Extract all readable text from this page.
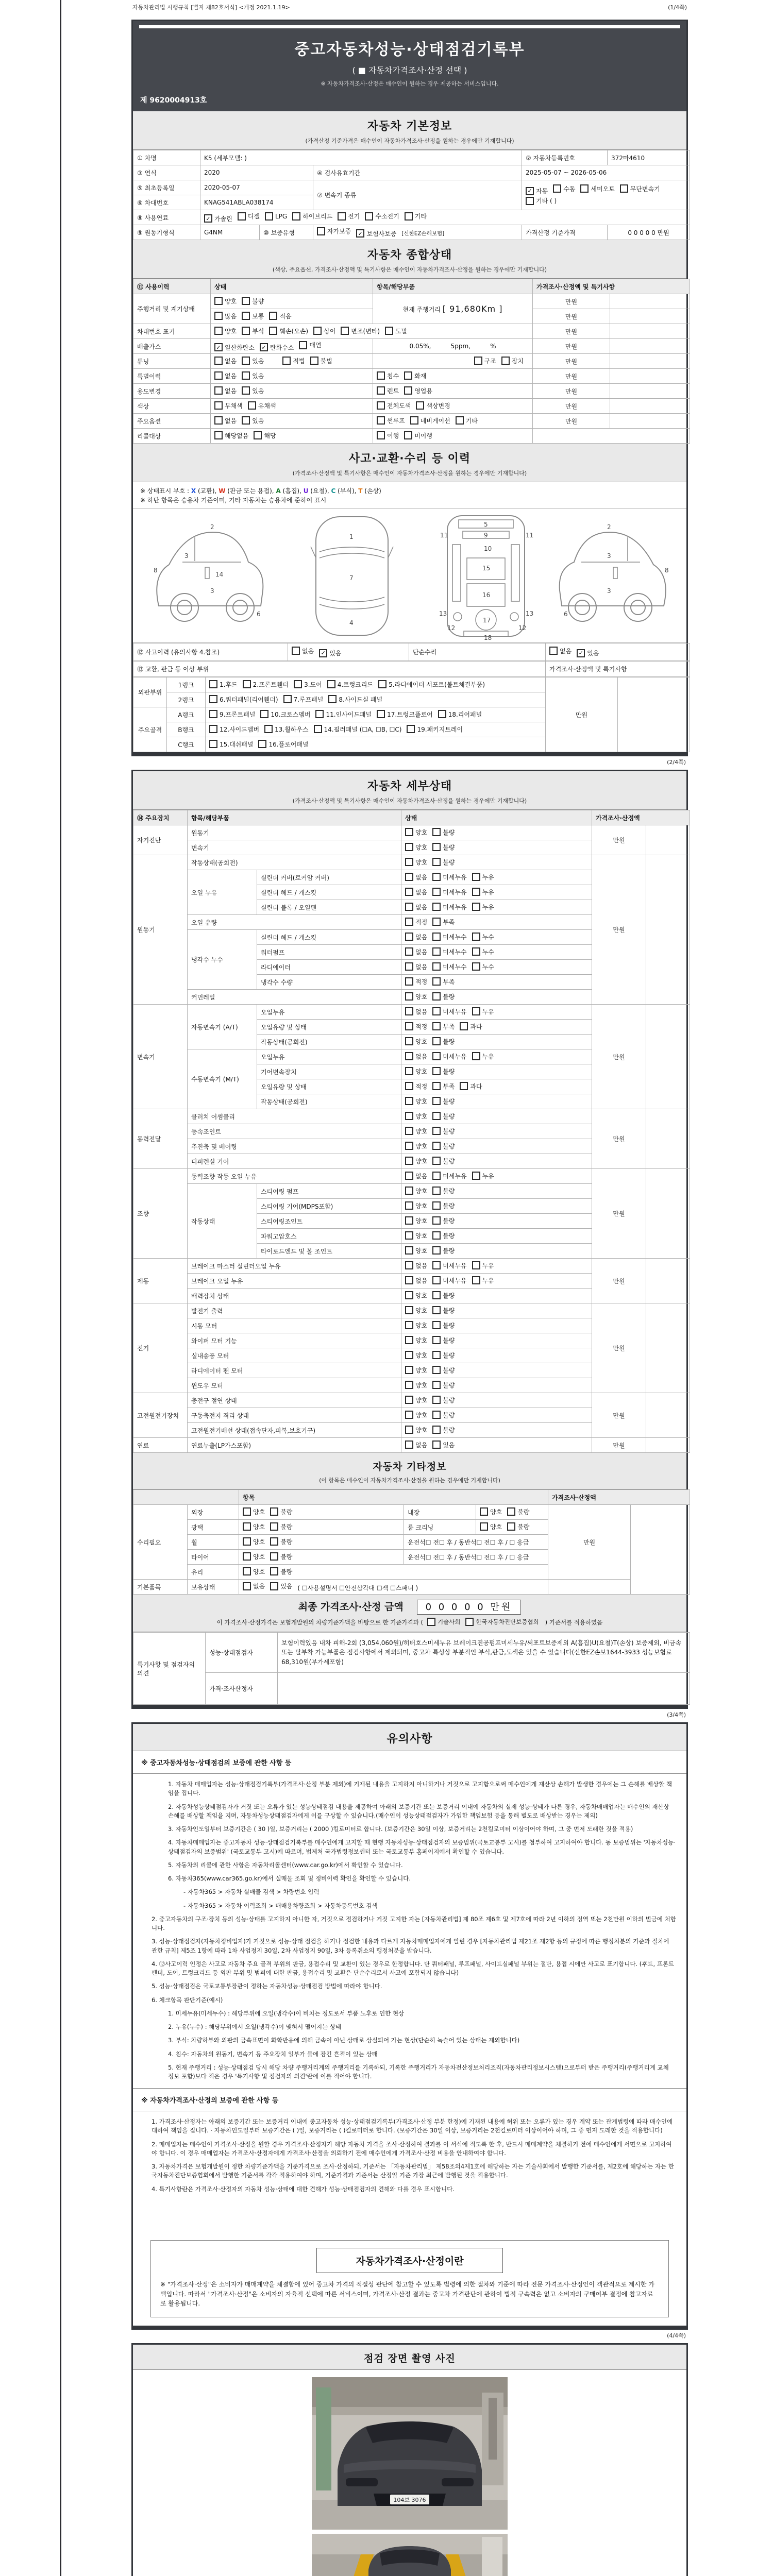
자동차관리법 시행규칙 [별지 제82호서식] <개정 2021.1.19>	(1/4쪽)
중고자동차성능·상태점검기록부
( ■ 자동차가격조사·산정 선택 )
※ 자동차가격조사·산정은 매수인이 원하는 경우 제공하는 서비스입니다.
제 9620004913호
자동차 기본정보
(가격산정 기준가격은 매수인이 자동차가격조사·산정을 원하는 경우에만 기재합니다)
① 차명	K5 (세부모델: )			② 자동차등록번호	372마4610
③ 연식	2020		④ 검사유효기간	2025-05-07 ~ 2026-05-06	
⑤ 최초등록일	2020-05-07	⑦ 변속기 종류	
✓ 자동	수동	세미오토	무단변속기
기타 ( )

⑥ 차대번호	KNAG541ABLA038174				
⑧ 사용연료	✓ 가솔린	디젤	LPG	하이브리드	전기	수소전기	기타

⑨ 원동기형식	G4NM	⑩ 보증유형	자가보증 ✓ 보험사보증 [신한EZ손해보험]	가격산정 기준가격	0 0 0 0 0 만원
자동차 종합상태
(색상, 주요옵션, 가격조사·산정액 및 특기사항은 매수인이 자동차가격조사·산정을 원하는 경우에만 기재합니다)
⑪ 사용이력	상태	항목/해당부품	가격조사·산정액 및 특기사항	
주행거리 및 계기상태	양호 불량	현재 주행거리 [ 91,680Km ]	만원	

	많음 보통 적음		만원	
차대번호 표기	양호	부식	훼손(오손)	상이	변조(변타)	도말	만원	
배출가스	✓ 일산화탄소 ✓ 탄화수소 매연	0.05%,          5ppm,          %	만원	
튜닝	없음 있음 적법 불법	구조 장치	만원	
특별이력	없음 있음	침수 화재	만원	
용도변경	없음 있음	렌트 영업용	만원	
색상	무채색 유채색	전체도색 색상변경	만원	
주요옵션	없음 있음	썬루프 네비게이션 기타	만원	
리콜대상	해당없음 해당	이행 미이행		

사고·교환·수리 등 이력
(가격조사·산정액 및 특기사항은 매수인이 자동차가격조사·산정을 원하는 경우에만 기재합니다)
※ 상태표시 부호 : X (교환), W (판금 또는 용접), A (흠집), U (요철), C (부식), T (손상)
※ 하단 항목은 승용차 기준이며, 기타 자동차는 승용차에 준하여 표시
2
8
3
14
3
6
1
7
4
5
11	9	11
10
15
16
13	13
12
17
12
18
2
3
8
3
6
⑫ 사고이력 (유의사항 4.참조)	없음	✓ 있음	단순수리	없음	✓ 있음
⑬ 교환, 판금 등 이상 부위	가격조사·산정액 및 특기사항
외판부위	1랭크	1.후드 2.프론트휀더 3.도어 4.트렁크리드 5.라디에이터 서포트(볼트체결부품)	만원	
	2랭크	6.쿼터패널(리어휀더) 7.루프패널 8.사이드실 패널		

주요골격	A랭크	9.프론트패널 10.크로스멤버 11.인사이드패널 17.트렁크플로어 18.리어패널		

	B랭크	12.사이드멤버 13.휠하우스 14.필러패널 (☐A, ☐B, ☐C) 19.패키지트레이		

	C랭크	15.대쉬패널 16.플로어패널		
(2/4쪽)
자동차 세부상태
(가격조사·산정액 및 특기사항은 매수인이 자동차가격조사·산정을 원하는 경우에만 기재합니다)
⑭ 주요장치	항목/해당부품		상태	가격조사·산정액	
자기진단	원동기		양호 불량	만원	
	변속기		양호 불량		

원동기	작동상태(공회전)		양호 불량	만원	
	오일 누유	실린더 커버(로커암 커버)	없음 미세누유 누유		

		실린더 헤드 / 개스킷	없음 미세누유 누유		

		실린더 블록 / 오일팬	없음 미세누유 누유		

	오일 유량		적정 부족		

	냉각수 누수	실린더 헤드 / 개스킷	없음 미세누수 누수		

		워터펌프	없음 미세누수 누수		

		라디에이터	없음 미세누수 누수		

		냉각수 수량	적정 부족		

	커먼레일		양호 불량		

변속기	자동변속기 (A/T)	오일누유	없음 미세누유 누유	만원	
		오일유량 및 상태	적정 부족 과다		

		작동상태(공회전)	양호 불량		

	수동변속기 (M/T)	오일누유	없음 미세누유 누유		

		기어변속장치	양호 불량		

		오일유량 및 상태	적정 부족 과다		

		작동상태(공회전)	양호 불량		

동력전달	클러치 어셈블리		양호 불량	만원	
	등속조인트		양호 불량		

	추진축 및 베어링		양호 불량		

	디퍼렌셜 기어		양호 불량		

조향	동력조향 작동 오일 누유		없음 미세누유 누유	만원	
	작동상태	스티어링 펌프	양호 불량		

		스티어링 기어(MDPS포함)	양호 불량		

		스티어링조인트	양호 불량		

		파워고압호스	양호 불량		

		타이로드엔드 및 볼 조인트	양호 불량		

제동	브레이크 마스터 실린더오일 누유		없음 미세누유 누유	만원	
	브레이크 오일 누유		없음 미세누유 누유		

	배력장치 상태		양호 불량		

전기	발전기 출력		양호 불량	만원	
	시동 모터		양호 불량		

	와이퍼 모터 기능		양호 불량		

	실내송풍 모터		양호 불량		

	라디에이터 팬 모터		양호 불량		

	윈도우 모터		양호 불량		

고전원전기장치	충전구 절연 상태		양호 불량	만원	
	구동축전지 격리 상태		양호 불량		

	고전원전기배선 상태(접속단자,피복,보호기구)		양호 불량		

연료	연료누출(LP가스포함)		없음 있음	만원	
자동차 기타정보
(이 항목은 매수인이 자동차가격조사·산정을 원하는 경우에만 기재합니다)
		항목			가격조사·산정액	
수리필요	외장	양호 불량	내장	양호 불량	만원	
	광택	양호 불량	룸 크리닝	양호 불량		

	휠	양호 불량	운전석☐ 전☐ 후 / 동반석☐ 전☐ 후 / ☐ 응급			
	타이어	양호 불량	운전석☐ 전☐ 후 / 동반석☐ 전☐ 후 / ☐ 응급			
	유리	양호 불량				

기본품목	보유상태	없음 있음 ( ☐사용설명서 ☐안전삼각대 ☐잭 ☐스패너 )				
최종 가격조사·산정 금액 0 0 0 0 0 만원
이 가격조사·산정가격은 보험개발원의 차량기준가액을 바탕으로 한 기준가격과 ( 기술사회	한국자동차진단보증협회 ) 기준서를 적용하였음
특기사항 및 점검자의 의견	성능·상태점검자	보험이력있음 내차 피해-2회 (3,054,060원)/히터호스미세누유 브레이크진공펌프미세누유/써포트보증제외 A(흠집)U(요철)T(손상) 보증제외, 비금속 또는 탈부착 가능부품은 점검사항에서 제외되며, 중고차 특성상 부분적인 부식,판금,도색은 있을 수 있습니다(신한EZ손보1644-3933 성능보험료 68,310원(부가세포함)
	가격·조사산정자	
(3/4쪽)
유의사항
※ 중고자동차성능·상태점검의 보증에 관한 사항 등

1. 자동차 매매업자는 성능·상태점검기록부(가격조사·산정 부분 제외)에 기재된 내용을 고지하지 아니하거나 거짓으로 고지함으로써 매수인에게 재산상 손해가 발생한 경우에는 그 손해를 배상할 책임을 집니다.

2. 자동차성능상태점검자가 거짓 또는 오류가 있는 성능상태점검 내용을 제공하여 아래의 보증기간 또는 보증거리 이내에 자동차의 실제 성능·상태가 다른 경우, 자동차매매업자는 매수인의 재산상 손해를 배상할 책임을 지며, 자동차성능상태점검자에게 이를 구상할 수 있습니다.(매수인이 성능상태점검자가 가입한 책임보험 등을 통해 별도로 배상받는 경우는 제외)

3. 자동차인도일부터 보증기간은 ( 30 )일, 보증거리는 ( 2000 )킬로미터로 합니다. (보증기간은 30일 이상, 보증거리는 2천킬로미터 이상이어야 하며, 그 중 먼저 도래한 것을 적용)

4. 자동차매매업자는 중고자동차 성능·상태점검기록부를 매수인에게 고지할 때 현행 자동차성능·상태점검자의 보증범위(국토교통부 고시)를 첨부하여 고지하여야 합니다. 동 보증범위는 '자동차성능·상태점검자의 보증범위' (국토교통부 고시)에 따르며, 법제처 국가법령정보센터 또는 국토교통부 홈페이지에서 확인할 수 있습니다.

5. 자동차의 리콜에 관한 사항은 자동차리콜센터(www.car.go.kr)에서 확인할 수 있습니다.

6. 자동차365(www.car365.go.kr)에서 실매물 조회 및 정비이력 확인을 확인할 수 있습니다.

- 자동차365 > 자동차 실매물 검색 > 차량번호 입력

- 자동차365 > 자동차 이력조회 > 매매용차량조회 > 자동차등록번호 검색

2. 중고자동차의 구조·장치 등의 성능·상태를 고지하지 아니한 자, 거짓으로 점검하거나 거짓 고지한 자는 [자동차관리법] 제 80조 제6호 및 제7호에 따라 2년 이하의 징역 또는 2천만원 이하의 벌금에 처합니다.

3. 성능·상태점검자(자동차정비업자)가 거짓으로 성능·상태 점검을 하거나 점검한 내용과 다르게 자동차매매업자에게 알린 경우 [자동차관리법 제21조 제2항 등의 규정에 따른 행정처분의 기준과 절차에 관한 규칙] 제5조 1항에 따라 1차 사업정지 30일, 2차 사업정지 90일, 3차 등록취소의 행정처분을 받습니다.

4. ⑫사고이력 인정은 사고로 자동차 주요 골격 부위의 판금, 용접수리 및 교환이 있는 경우로 한정합니다. 단 쿼터패널, 루프패널, 사이드실패널 부위는 절단, 용접 시에만 사고로 표기합니다. (후드, 프론트펜더, 도어, 트렁크리드 등 외판 부위 및 범퍼에 대한 판금, 용접수리 및 교환은 단순수리로서 사고에 포함되지 않습니다)

5. 성능·상태점검은 국토교통부장관이 정하는 자동차성능·상태점검 방법에 따라야 합니다.

6. 체크항목 판단기준(예시)

1. 미세누유(미세누수) : 해당부위에 오일(냉각수)이 비치는 정도로서 부품 노후로 인한 현상

2. 누유(누수) : 해당부위에서 오일(냉각수)이 맺혀서 떨어지는 상태

3. 부식: 차량하부와 외판의 금속표면이 화학반응에 의해 금속이 아닌 상태로 상실되어 가는 현상(단순히 녹슬어 있는 상태는 제외합니다)

4. 침수: 자동차의 원동기, 변속기 등 주요장치 일부가 물에 잠긴 흔적이 있는 상태

5. 현재 주행거리 : 성능·상태점검 당시 해당 차량 주행거리계의 주행거리를 기록하되, 기록한 주행거리가 자동차전산정보처리조직(자동차관리정보시스템)으로부터 받은 주행거리(주행거리계 교체 정보 포함)보다 적은 경우 '특기사항 및 점검자의 의견'란에 이를 적어야 합니다.

※ 자동차가격조사·산정의 보증에 관한 사항 등

1. 가격조사·산정자는 아래의 보증기간 또는 보증거리 이내에 중고자동차 성능·상태점검기록부(가격조사·산정 부분 한정)에 기재된 내용에 허위 또는 오류가 있는 경우 계약 또는 관계법령에 따라 매수인에 대하여 책임을 집니다. · 자동차인도일부터 보증기간은 ( )일, 보증거리는 ( )킬로미터로 합니다. (보증기간은 30일 이상, 보증거리는 2천킬로미터 이상이어야 하며, 그 중 먼저 도래한 것을 적용합니다)

2. 매매업자는 매수인이 가격조사·산정을 원할 경우 가격조사·산정자가 해당 자동차 가격을 조사·산정하여 결과를 이 서식에 적도록 한 후, 반드시 매매계약을 체결하기 전에 매수인에게 서면으로 고지하여야 합니다. 이 경우 매매업자는 가격조사·산정자에게 가격조사·산정을 의뢰하기 전에 매수인에게 가격조사·산정 비용을 안내하여야 합니다.

3. 자동차가격은 보험개발원이 정한 차량기준가액을 기준가격으로 조사·산정하되, 기준서는 「자동차관리법」 제58조의4제1호에 해당하는 자는 기술사회에서 발행한 기준서를, 제2호에 해당하는 자는 한국자동차진단보증협회에서 발행한 기준서를 각각 적용하여야 하며, 기준가격과 기준서는 산정일 기준 가장 최근에 발행된 것을 적용합니다.

4. 특기사항란은 가격조사·산정자의 자동차 성능·상태에 대한 견해가 성능·상태점검자의 견해와 다를 경우 표시합니다.

자동차가격조사·산정이란
※ "가격조사·산정"은 소비자가 매매계약을 체결함에 있어 중고차 가격의 적절성 판단에 참고할 수 있도록 법령에 의한 절차와 기준에 따라 전문 가격조사·산정인이 객관적으로 제시한 가액입니다. 따라서 "가격조사·산정"은 소비자의 자율적 선택에 따른 서비스이며, 가격조사·산정 결과는 중고차 가격판단에 관하여 법적 구속력은 없고 소비자의 구매여부 결정에 참고자료로 활용됩니다.
(4/4쪽)
점검 장면 촬영 사진
104보 3076
